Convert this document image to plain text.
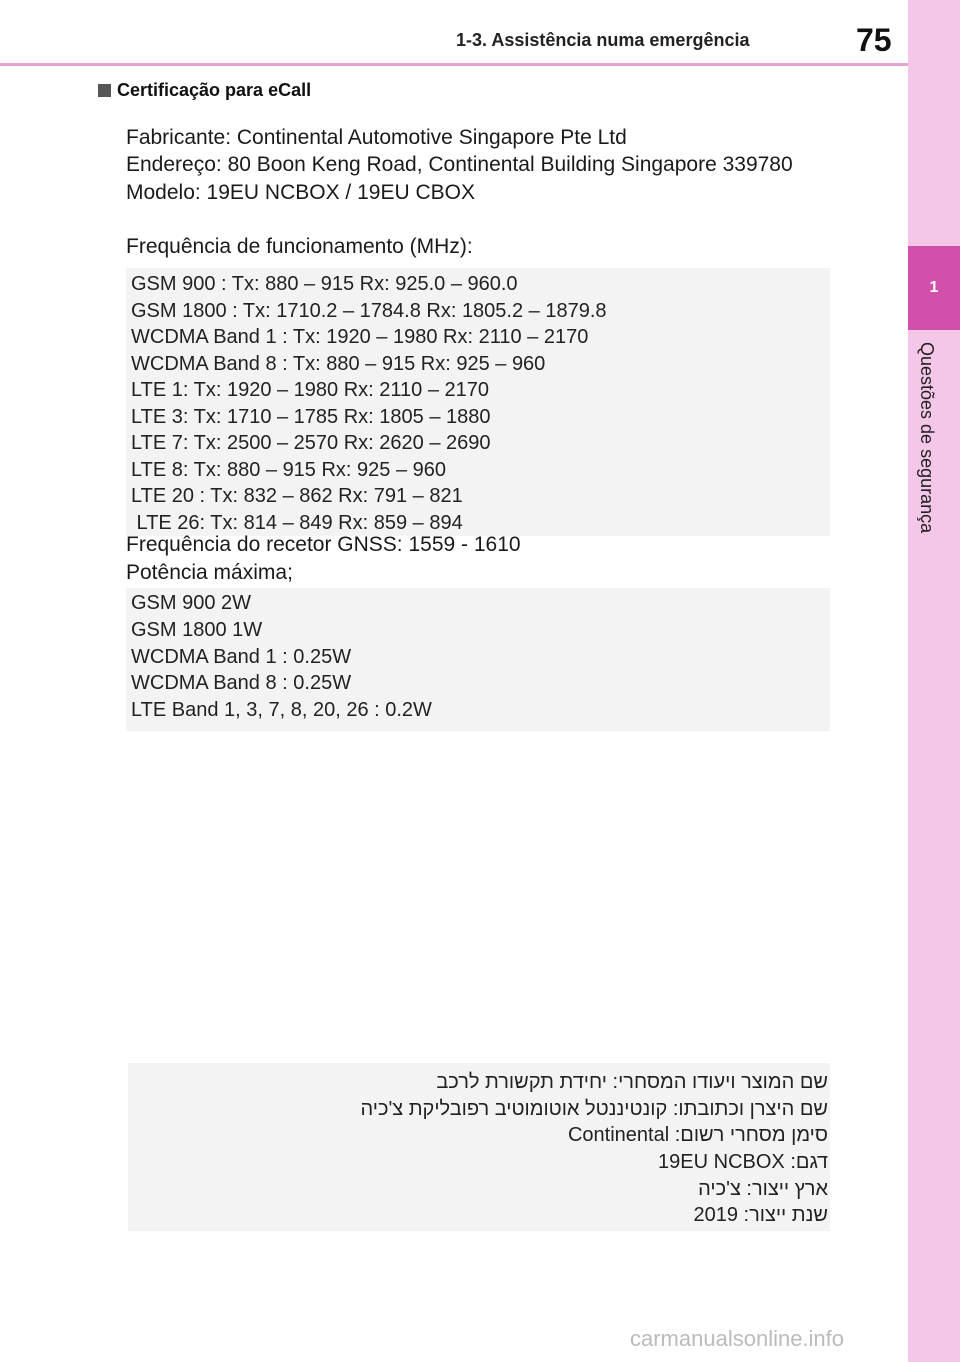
1-3. Assistência numa emergência	75
1
Questões de segurança
Certificação para eCall
Fabricante: Continental Automotive Singapore Pte Ltd
Endereço: 80 Boon Keng Road, Continental Building Singapore 339780
Modelo: 19EU NCBOX / 19EU CBOX
Frequência de funcionamento (MHz):
GSM 900 : Tx: 880 – 915 Rx: 925.0 – 960.0
GSM 1800 : Tx: 1710.2 – 1784.8 Rx: 1805.2 – 1879.8
WCDMA Band 1 : Tx: 1920 – 1980 Rx: 2110 – 2170
WCDMA Band 8 : Tx: 880 – 915 Rx: 925 – 960
LTE 1: Tx: 1920 – 1980 Rx: 2110 – 2170
LTE 3: Tx: 1710 – 1785 Rx: 1805 – 1880
LTE 7: Tx: 2500 – 2570 Rx: 2620 – 2690
LTE 8: Tx: 880 – 915 Rx: 925 – 960
LTE 20 : Tx: 832 – 862 Rx: 791 – 821
LTE 26: Tx: 814 – 849 Rx: 859 – 894
Frequência do recetor GNSS: 1559 - 1610
Potência máxima;
GSM 900 2W
GSM 1800 1W
WCDMA Band 1 : 0.25W
WCDMA Band 8 : 0.25W
LTE Band 1, 3, 7, 8, 20, 26 : 0.2W
שם המוצר ויעודו המסחרי: יחידת תקשורת לרכב
שם היצרן וכתובתו: קונטיננטל אוטומוטיב רפובליקת צ'כיה
סימן מסחרי רשום: Continental
דגם: 19EU NCBOX
ארץ ייצור: צ'כיה
שנת ייצור: 2019
carmanualsonline.info
